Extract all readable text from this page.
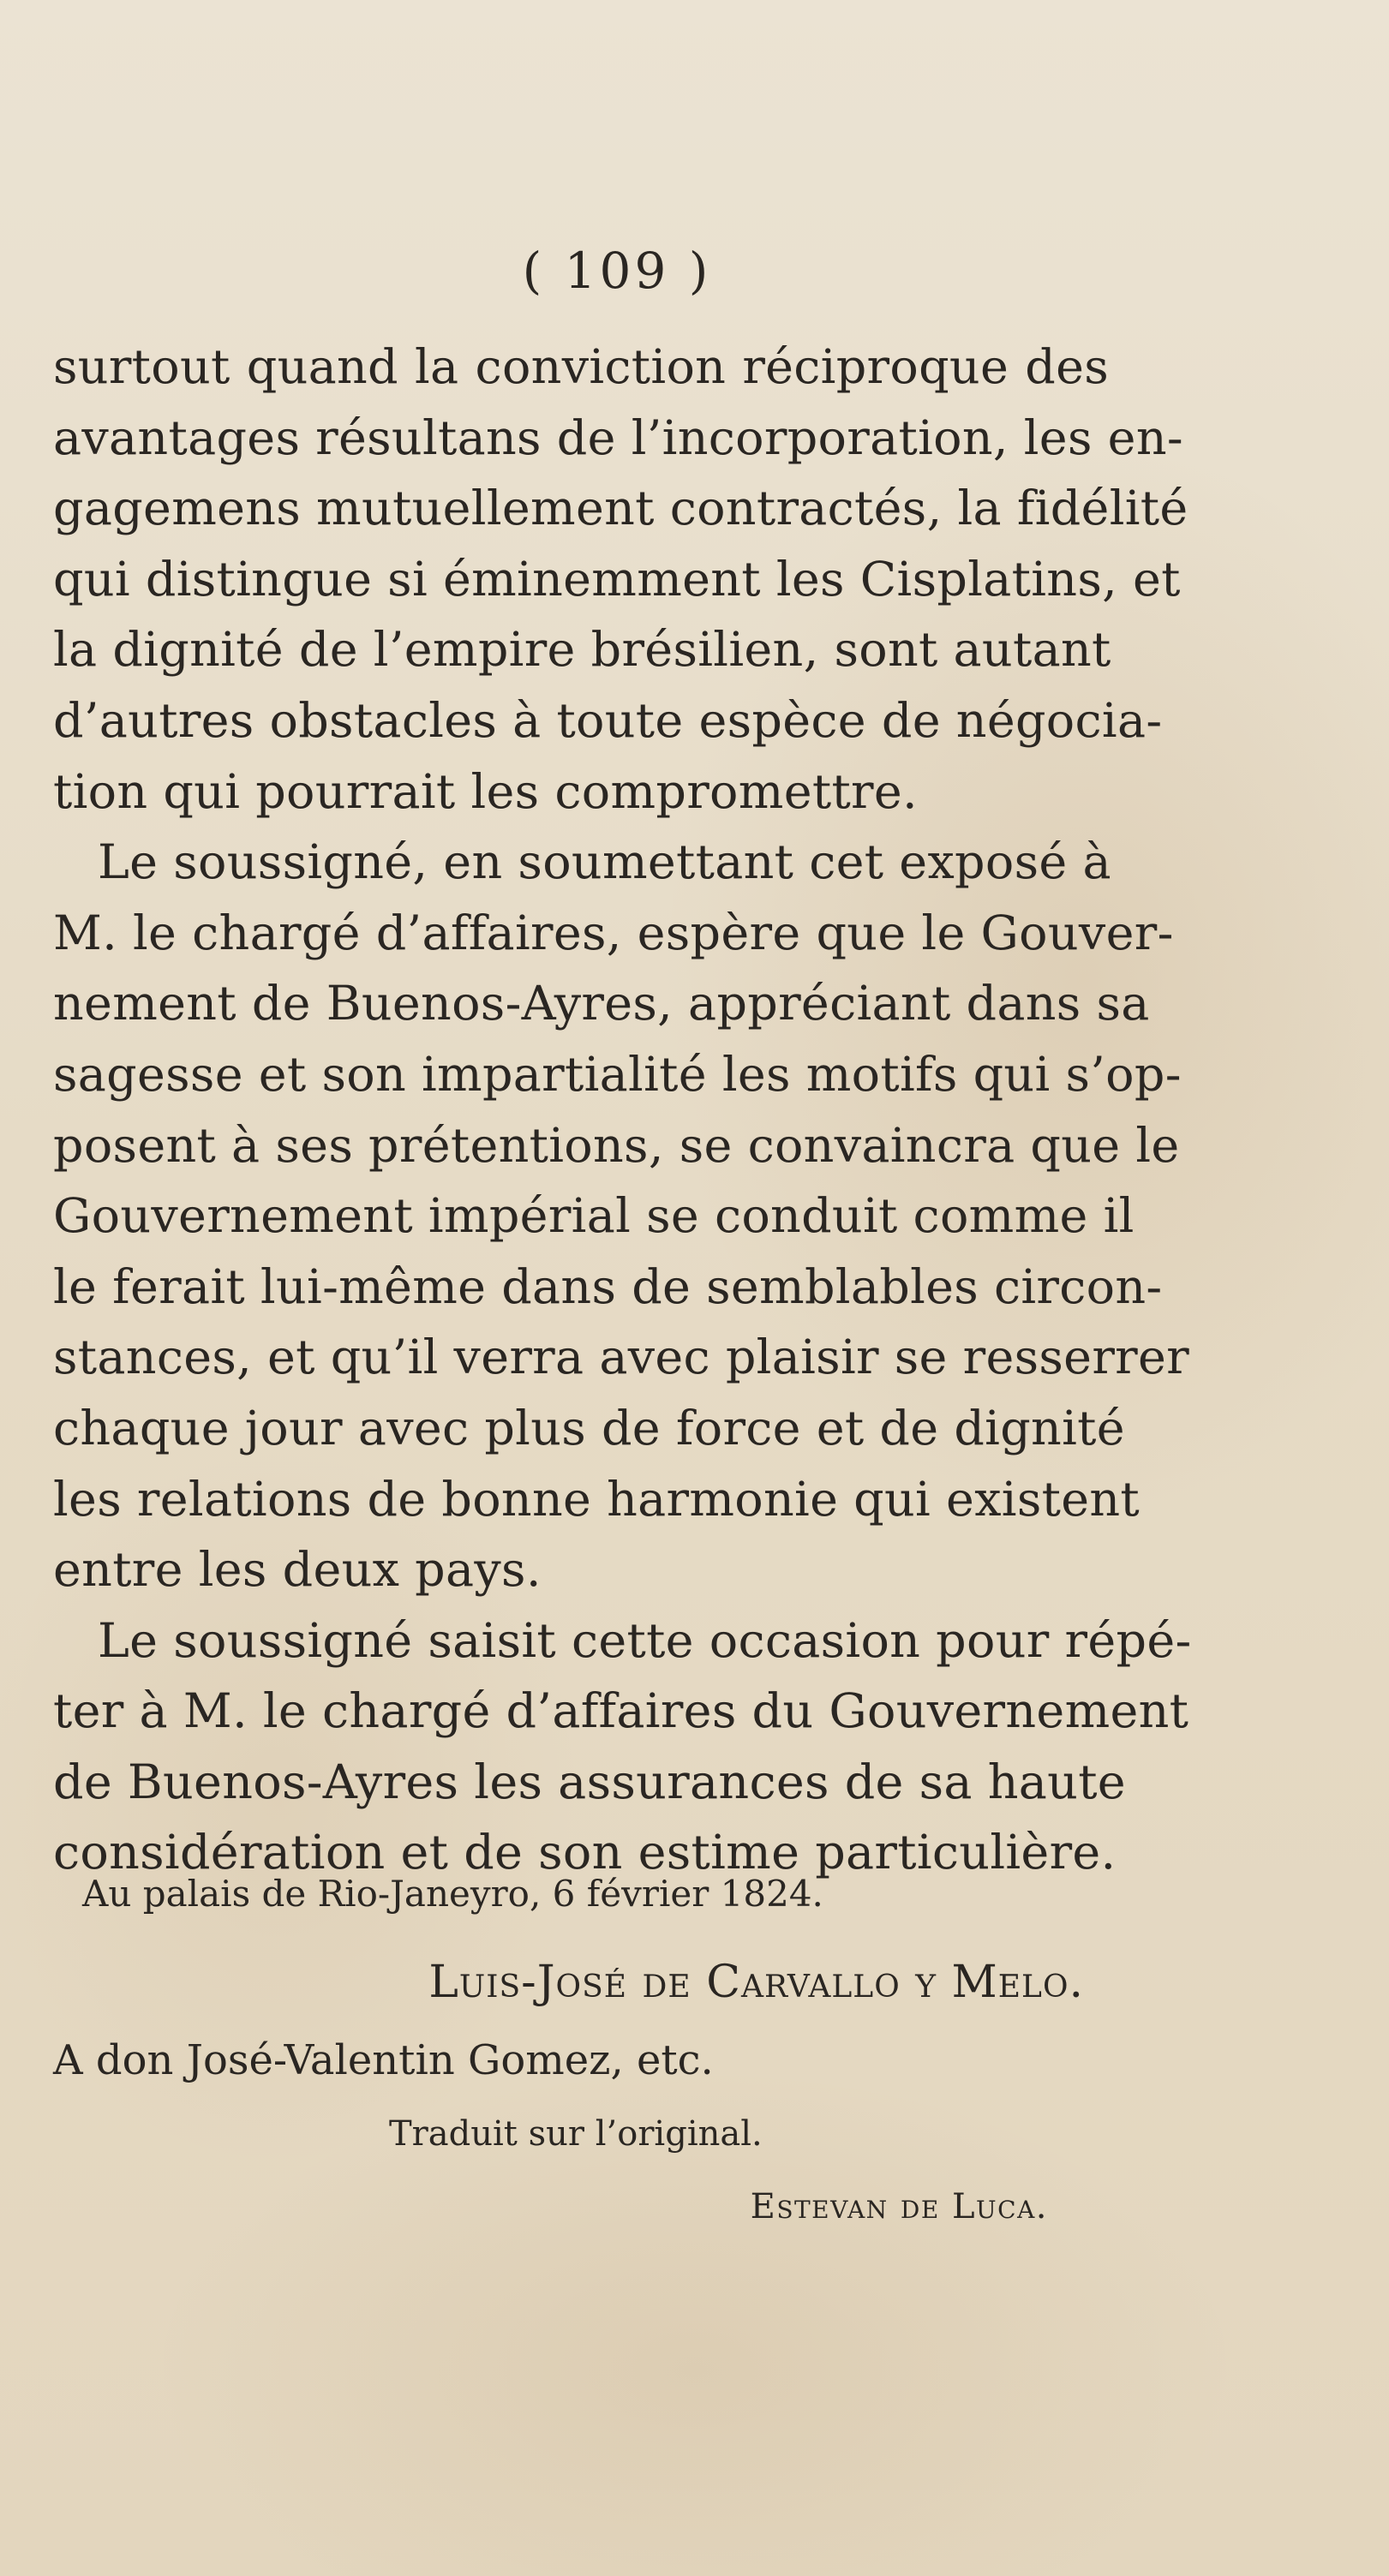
( 109 )
surtout quand la conviction réciproque des
avantages résultans de l’incorporation, les en-
gagemens mutuellement contractés, la fidélité
qui distingue si éminemment les Cisplatins, et
la dignité de l’empire brésilien, sont autant
d’autres obstacles à toute espèce de négocia-
tion qui pourrait les compromettre.
Le soussigné, en soumettant cet exposé à
M. le chargé d’affaires, espère que le Gouver-
nement de Buenos-Ayres, appréciant dans sa
sagesse et son impartialité les motifs qui s’op-
posent à ses prétentions, se convaincra que le
Gouvernement impérial se conduit comme il
le ferait lui-même dans de semblables circon-
stances, et qu’il verra avec plaisir se resserrer
chaque jour avec plus de force et de dignité
les relations de bonne harmonie qui existent
entre les deux pays.
Le soussigné saisit cette occasion pour répé-
ter à M. le chargé d’affaires du Gouvernement
de Buenos-Ayres les assurances de sa haute
considération et de son estime particulière.
Au palais de Rio-Janeyro, 6 février 1824.
Luis-José de Carvallo y Melo.
A don José-Valentin Gomez, etc.
Traduit sur l’original.
Estevan de Luca.
